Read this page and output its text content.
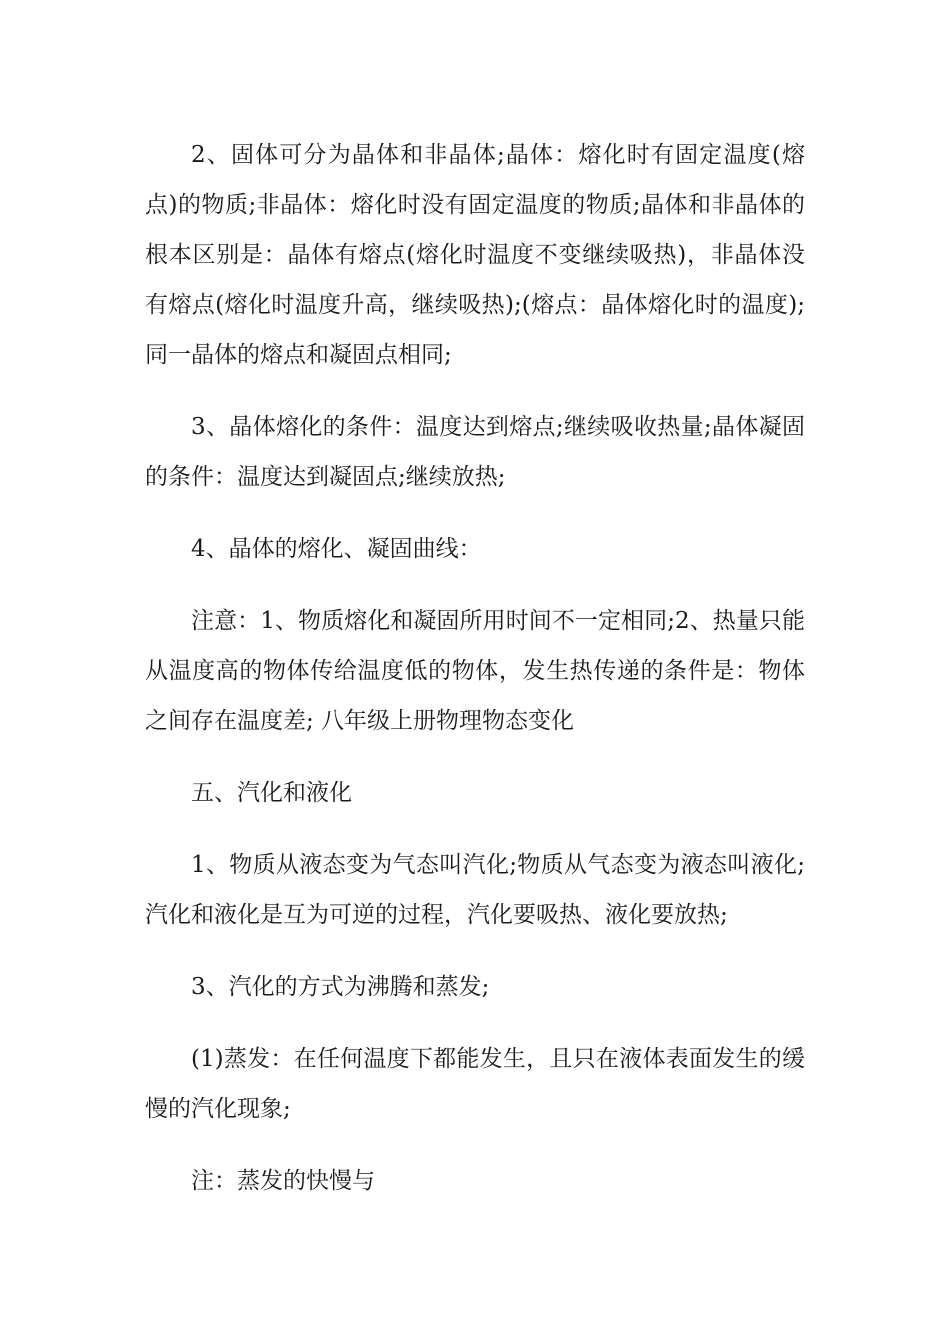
2、固体可分为晶体和非晶体;晶体：熔化时有固定温度(熔点)的物质;非晶体：熔化时没有固定温度的物质;晶体和非晶体的根本区别是：晶体有熔点(熔化时温度不变继续吸热)，非晶体没有熔点(熔化时温度升高，继续吸热);(熔点：晶体熔化时的温度);同一晶体的熔点和凝固点相同;

3、晶体熔化的条件：温度达到熔点;继续吸收热量;晶体凝固的条件：温度达到凝固点;继续放热;

4、晶体的熔化、凝固曲线：

注意：1、物质熔化和凝固所用时间不一定相同;2、热量只能从温度高的物体传给温度低的物体，发生热传递的条件是：物体之间存在温度差; 八年级上册物理物态变化

五、汽化和液化

1、物质从液态变为气态叫汽化;物质从气态变为液态叫液化;汽化和液化是互为可逆的过程，汽化要吸热、液化要放热;

3、汽化的方式为沸腾和蒸发;

(1)蒸发：在任何温度下都能发生，且只在液体表面发生的缓慢的汽化现象;

注：蒸发的快慢与
